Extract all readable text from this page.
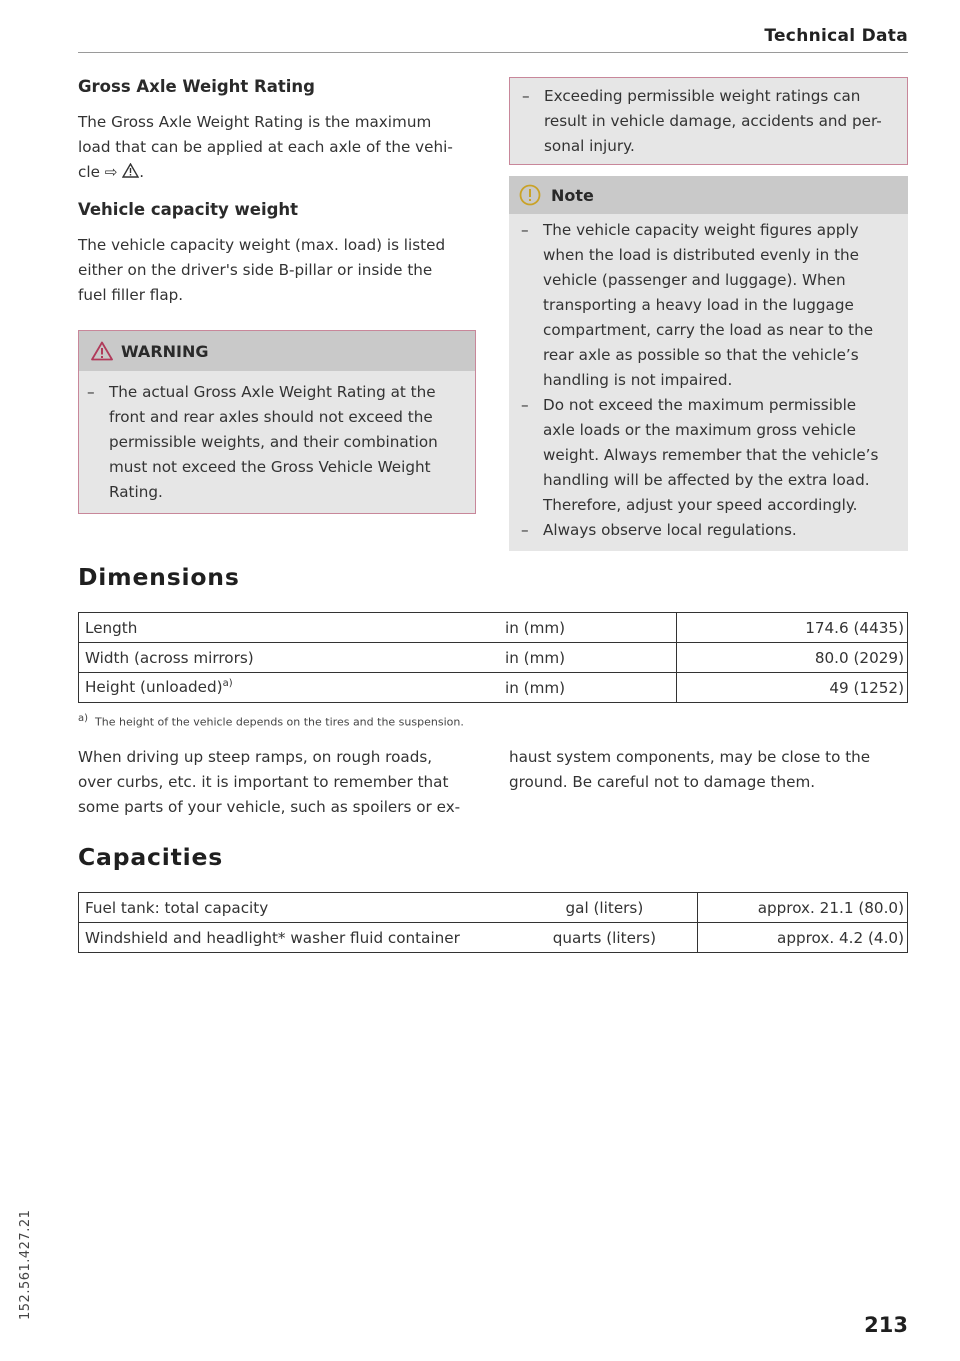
Technical Data

Gross Axle Weight Rating

The Gross Axle Weight Rating is the maximum

load that can be applied at each axle of the vehi-

cle ⇨ .

Vehicle capacity weight

The vehicle capacity weight (max. load) is listed

either on the driver's side B-pillar or inside the

fuel filler flap.

WARNING
– The actual Gross Axle Weight Rating at the
front and rear axles should not exceed the
permissible weights, and their combination
must not exceed the Gross Vehicle Weight
Rating.
– Exceeding permissible weight ratings can
result in vehicle damage, accidents and per-
sonal injury.
Note
– The vehicle capacity weight figures apply
when the load is distributed evenly in the
vehicle (passenger and luggage). When
transporting a heavy load in the luggage
compartment, carry the load as near to the
rear axle as possible so that the vehicle’s
handling is not impaired.
– Do not exceed the maximum permissible
axle loads or the maximum gross vehicle
weight. Always remember that the vehicle’s
handling will be affected by the extra load.
Therefore, adjust your speed accordingly.
– Always observe local regulations.
Dimensions
Length	in (mm)	174.6 (4435)
Width (across mirrors)	in (mm)	80.0 (2029)
Height (unloaded)$^{a)}$	in (mm)	49 (1252)
$^{a)}$ The height of the vehicle depends on the tires and the suspension.

When driving up steep ramps, on rough roads,

over curbs, etc. it is important to remember that

some parts of your vehicle, such as spoilers or ex-

haust system components, may be close to the

ground. Be careful not to damage them.

Capacities
Fuel tank: total capacity	gal (liters)	approx. 21.1 (80.0)
Windshield and headlight* washer fluid container	quarts (liters)	approx. 4.2 (4.0)
152.561.427.21
213
